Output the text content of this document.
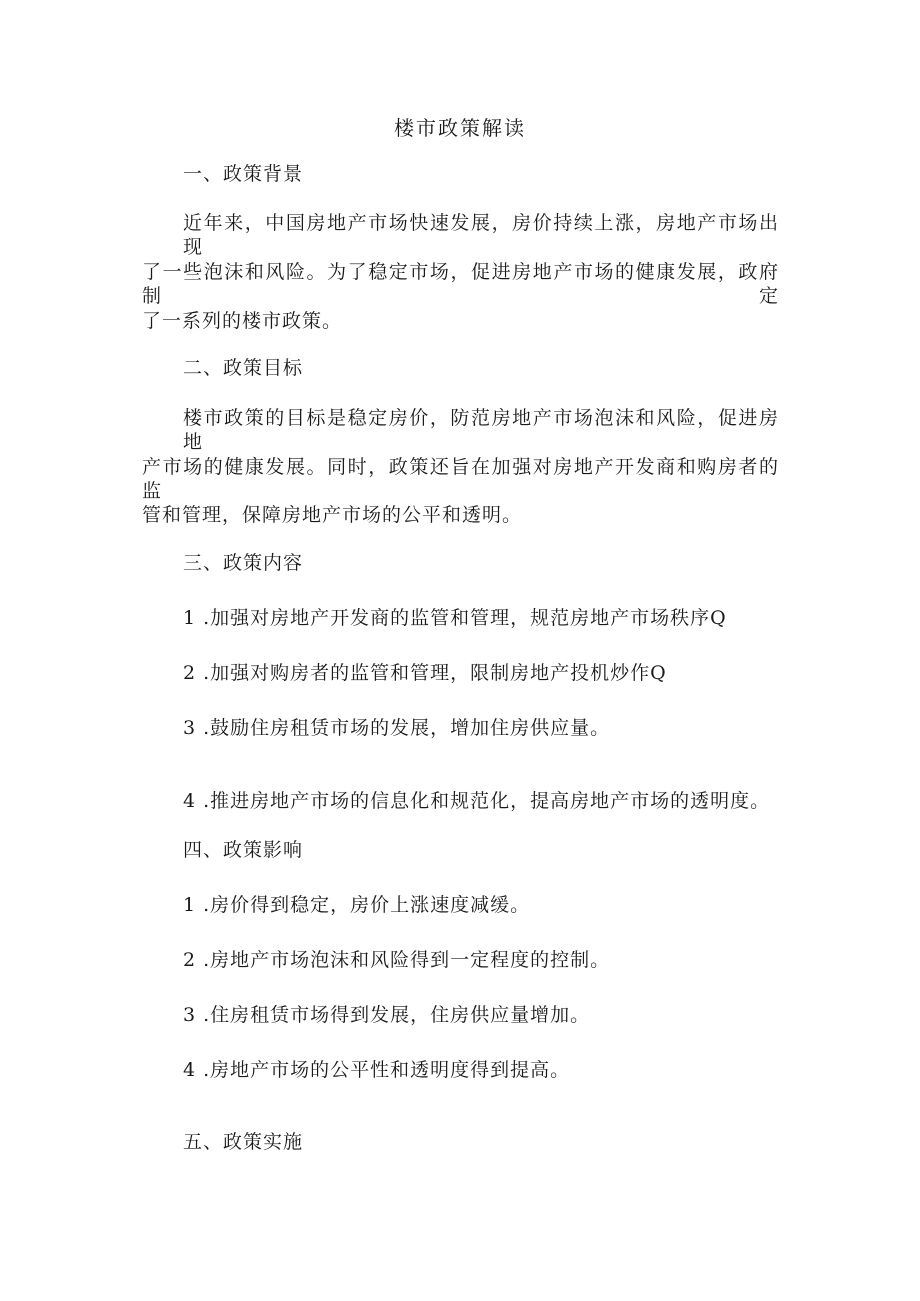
楼市政策解读
一、政策背景
近年来，中国房地产市场快速发展，房价持续上涨，房地产市场出现
了一些泡沫和风险。为了稳定市场，促进房地产市场的健康发展，政府制定
了一系列的楼市政策。
二、政策目标
楼市政策的目标是稳定房价，防范房地产市场泡沫和风险，促进房地
产市场的健康发展。同时，政策还旨在加强对房地产开发商和购房者的监
管和管理，保障房地产市场的公平和透明。
三、政策内容
1 .加强对房地产开发商的监管和管理，规范房地产市场秩序Q
2 .加强对购房者的监管和管理，限制房地产投机炒作Q
3 .鼓励住房租赁市场的发展，增加住房供应量。
4 .推进房地产市场的信息化和规范化，提高房地产市场的透明度。
四、政策影响
1 .房价得到稳定，房价上涨速度减缓。
2 .房地产市场泡沫和风险得到一定程度的控制。
3 .住房租赁市场得到发展，住房供应量增加。
4 .房地产市场的公平性和透明度得到提高。
五、政策实施
